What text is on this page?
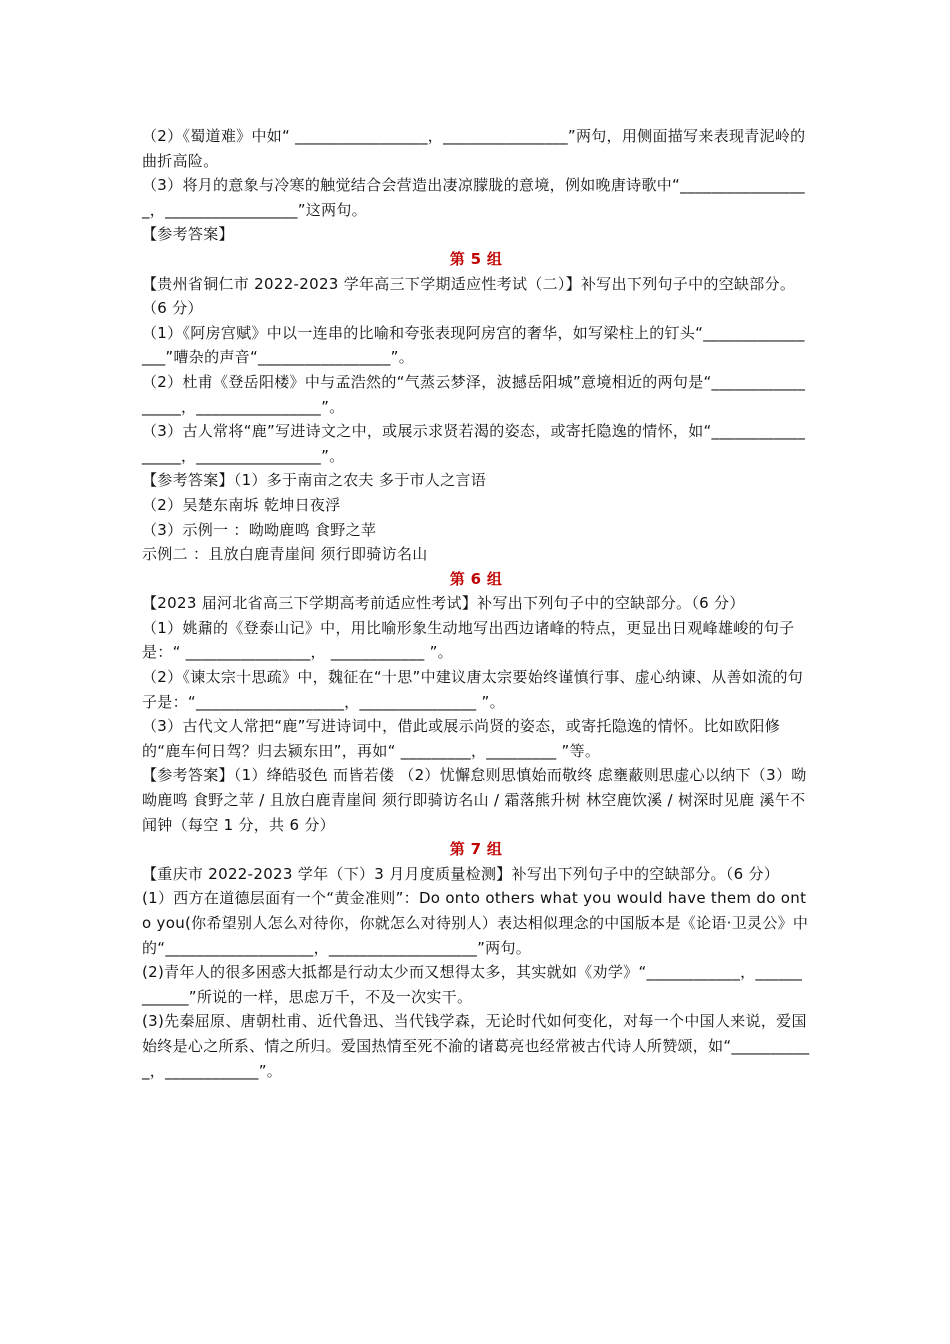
（2）《蜀道难》中如“ _________________，________________”两句，用侧面描写来表现青泥岭的曲折高险。

（3）将月的意象与冷寒的触觉结合会营造出凄凉朦胧的意境，例如晚唐诗歌中“_________________，_________________”这两句。

【参考答案】

第 5 组

【贵州省铜仁市 2022-2023 学年高三下学期适应性考试（二）】补写出下列句子中的空缺部分。（6 分）

（1）《阿房宫赋》中以一连串的比喻和夸张表现阿房宫的奢华，如写梁柱上的钉头“________________”嘈杂的声音“_________________”。

（2）杜甫《登岳阳楼》中与孟浩然的“气蒸云梦泽，波撼岳阳城”意境相近的两句是“_________________，________________”。

（3）古人常将“鹿”写进诗文之中，或展示求贤若渴的姿态，或寄托隐逸的情怀，如“_________________，________________”。

【参考答案】（1）多于南亩之农夫 多于市人之言语

（2）吴楚东南坼 乾坤日夜浮

（3）示例一 ：呦呦鹿鸣 食野之苹

示例二 ：且放白鹿青崖间 须行即骑访名山

第 6 组

【2023 届河北省高三下学期高考前适应性考试】补写出下列句子中的空缺部分。（6 分）

（1）姚鼐的《登泰山记》中，用比喻形象生动地写出西边诸峰的特点，更显出日观峰雄峻的句子是：“ ________________， ____________ ”。

（2）《谏太宗十思疏》中，魏征在“十思”中建议唐太宗要始终谨慎行事、虚心纳谏、从善如流的句子是：“___________________，_______________ ”。

（3）古代文人常把“鹿”写进诗词中，借此或展示尚贤的姿态，或寄托隐逸的情怀。比如欧阳修的“鹿车何日驾？归去颍东田”，再如“ _________，_________ ”等。

【参考答案】（1）绛皓驳色 而皆若偻 （2）忧懈怠则思慎始而敬终 虑壅蔽则思虚心以纳下（3）呦呦鹿鸣 食野之苹 / 且放白鹿青崖间 须行即骑访名山 / 霜落熊升树 林空鹿饮溪 / 树深时见鹿 溪午不闻钟（每空 1 分，共 6 分）

第 7 组

【重庆市 2022-2023 学年（下）3 月月度质量检测】补写出下列句子中的空缺部分。（6 分）

(1）西方在道德层面有一个“黄金准则”：Do onto others what you would have them do onto you(你希望别人怎么对待你，你就怎么对待别人）表达相似理念的中国版本是《论语·卫灵公》中的“___________________，___________________”两句。

(2)青年人的很多困惑大抵都是行动太少而又想得太多，其实就如《劝学》“____________，____________”所说的一样，思虑万千，不及一次实干。

(3)先秦屈原、唐朝杜甫、近代鲁迅、当代钱学森，无论时代如何变化，对每一个中国人来说，爱国始终是心之所系、情之所归。爱国热情至死不渝的诸葛亮也经常被古代诗人所赞颂，如“___________，____________”。
